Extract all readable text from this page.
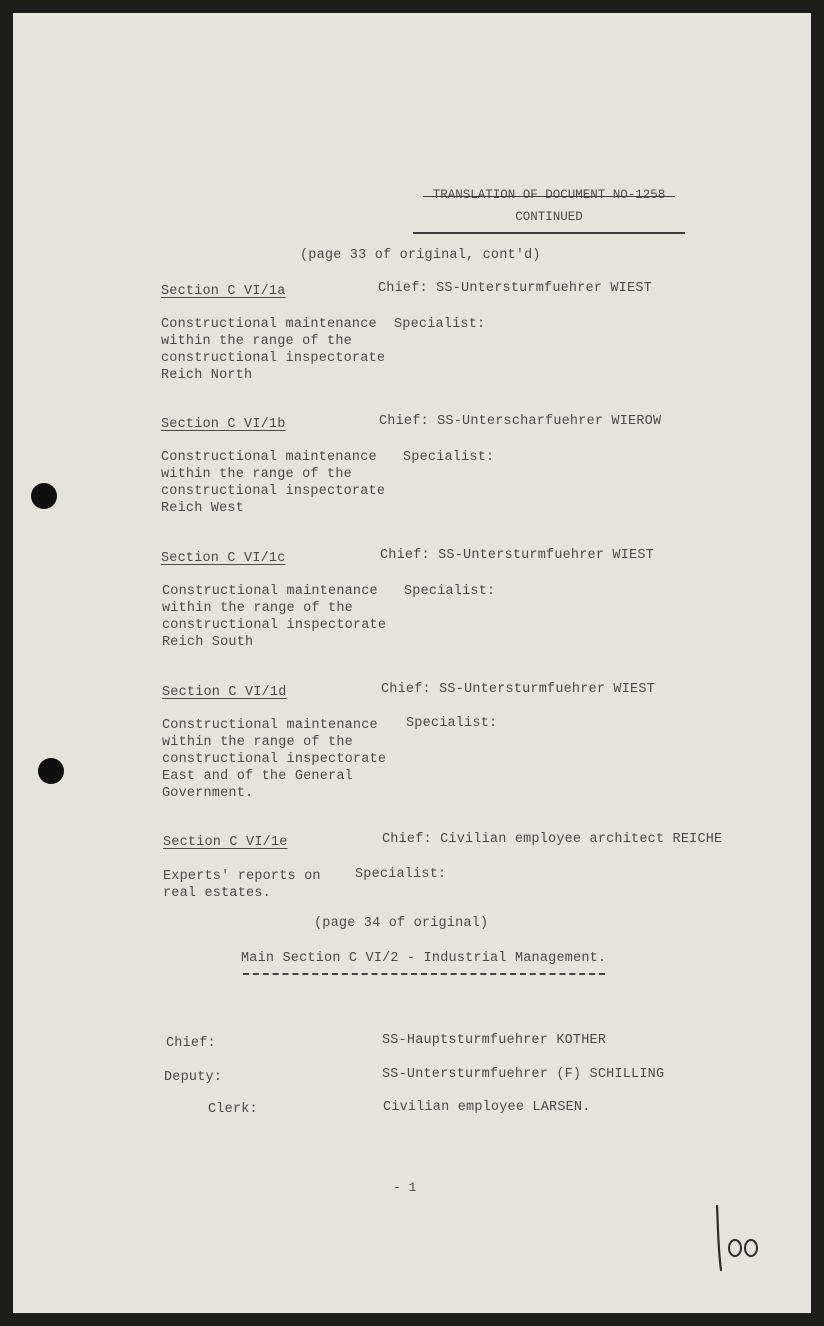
TRANSLATION OF DOCUMENT NO-1258
CONTINUED
(page 33 of original, cont'd)
Section C VI/1a	Chief: SS-Untersturmfuehrer WIEST
Constructional maintenance
within the range of the
constructional inspectorate
Reich North
Specialist:
Section C VI/1b	Chief: SS-Unterscharfuehrer WIEROW
Constructional maintenance
within the range of the
constructional inspectorate
Reich West
Specialist:
Section C VI/1c	Chief: SS-Untersturmfuehrer WIEST
Constructional maintenance
within the range of the
constructional inspectorate
Reich South
Specialist:
Section C VI/1d	Chief: SS-Untersturmfuehrer WIEST
Constructional maintenance
within the range of the
constructional inspectorate
East and of the General
Government.
Specialist:
Section C VI/1e	Chief: Civilian employee architect REICHE
Experts' reports on
real estates.
Specialist:
(page 34 of original)
Main Section C VI/2 - Industrial Management.
Chief:	SS-Hauptsturmfuehrer KOTHER
Deputy:	SS-Untersturmfuehrer (F) SCHILLING
Clerk:	Civilian employee LARSEN.
- 1
